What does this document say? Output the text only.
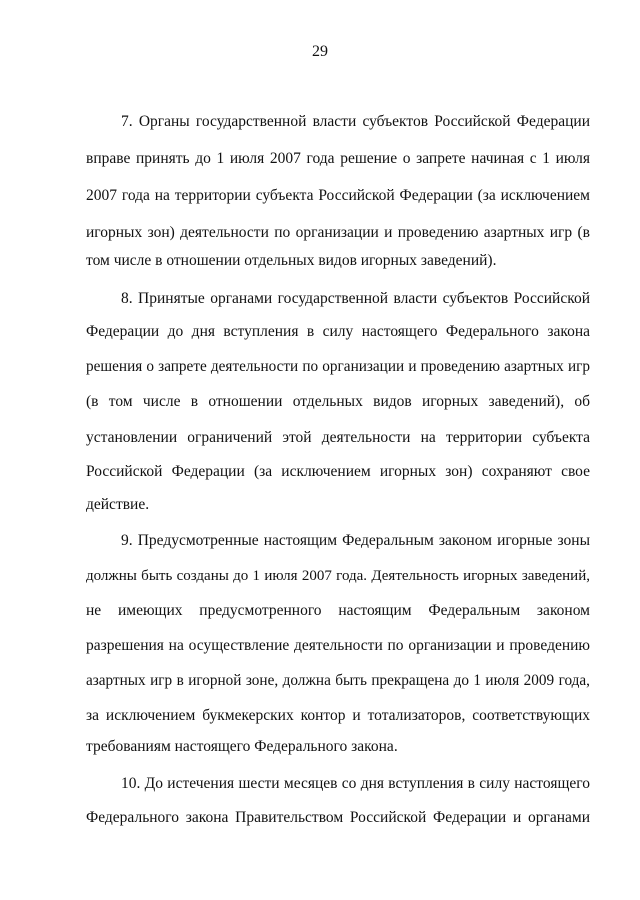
29
7. Органы государственной власти субъектов Российской Федерации
вправе принять до 1 июля 2007 года решение о запрете начиная с 1 июля
2007 года на территории субъекта Российской Федерации (за исключением
игорных зон) деятельности по организации и проведению азартных игр (в
том числе в отношении отдельных видов игорных заведений).
8. Принятые органами государственной власти субъектов Российской
Федерации до дня вступления в силу настоящего Федерального закона
решения о запрете деятельности по организации и проведению азартных игр
(в том числе в отношении отдельных видов игорных заведений), об
установлении ограничений этой деятельности на территории субъекта
Российской Федерации (за исключением игорных зон) сохраняют свое
действие.
9. Предусмотренные настоящим Федеральным законом игорные зоны
должны быть созданы до 1 июля 2007 года. Деятельность игорных заведений,
не имеющих предусмотренного настоящим Федеральным законом
разрешения на осуществление деятельности по организации и проведению
азартных игр в игорной зоне, должна быть прекращена до 1 июля 2009 года,
за исключением букмекерских контор и тотализаторов, соответствующих
требованиям настоящего Федерального закона.
10. До истечения шести месяцев со дня вступления в силу настоящего
Федерального закона Правительством Российской Федерации и органами
